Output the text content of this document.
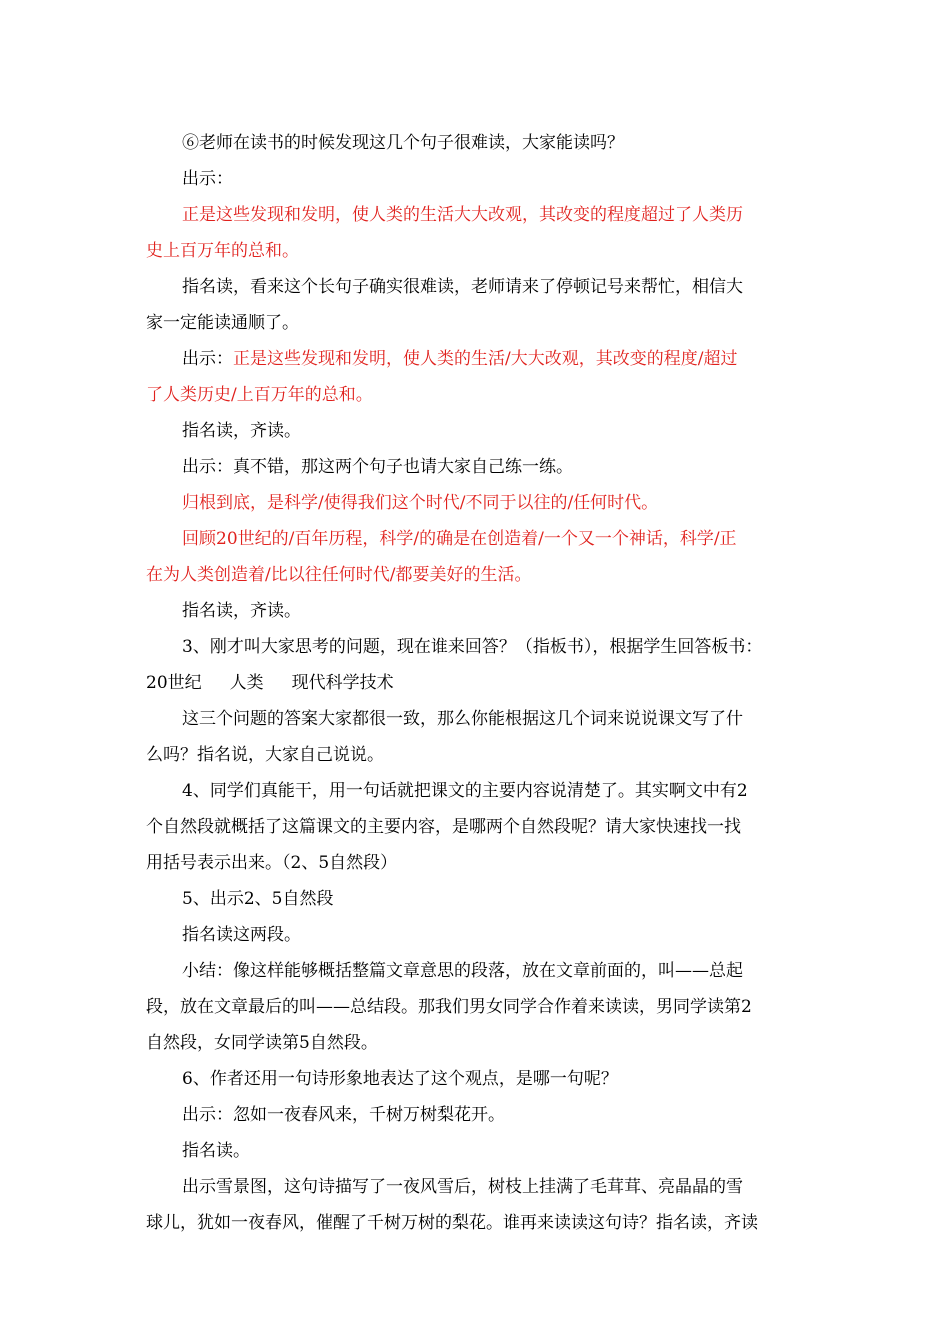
⑥老师在读书的时候发现这几个句子很难读，大家能读吗？
出示：
正是这些发现和发明，使人类的生活大大改观，其改变的程度超过了人类历
史上百万年的总和。
指名读，看来这个长句子确实很难读，老师请来了停顿记号来帮忙，相信大
家一定能读通顺了。
出示：正是这些发现和发明，使人类的生活/大大改观，其改变的程度/超过
了人类历史/上百万年的总和。
指名读，齐读。
出示：真不错，那这两个句子也请大家自己练一练。
归根到底，是科学/使得我们这个时代/不同于以往的/任何时代。
回顾20世纪的/百年历程，科学/的确是在创造着/一个又一个神话，科学/正
在为人类创造着/比以往任何时代/都要美好的生活。
指名读，齐读。
3、刚才叫大家思考的问题，现在谁来回答？（指板书），根据学生回答板书：
20世纪 人类 现代科学技术
这三个问题的答案大家都很一致，那么你能根据这几个词来说说课文写了什
么吗？指名说，大家自己说说。
4、同学们真能干，用一句话就把课文的主要内容说清楚了。其实啊文中有2
个自然段就概括了这篇课文的主要内容，是哪两个自然段呢？请大家快速找一找
用括号表示出来。（2、5自然段）
5、出示2、5自然段
指名读这两段。
小结：像这样能够概括整篇文章意思的段落，放在文章前面的，叫——总起
段，放在文章最后的叫——总结段。那我们男女同学合作着来读读，男同学读第2
自然段，女同学读第5自然段。
6、作者还用一句诗形象地表达了这个观点，是哪一句呢？
出示：忽如一夜春风来，千树万树梨花开。
指名读。
出示雪景图，这句诗描写了一夜风雪后，树枝上挂满了毛茸茸、亮晶晶的雪
球儿，犹如一夜春风，催醒了千树万树的梨花。谁再来读读这句诗？指名读，齐读
